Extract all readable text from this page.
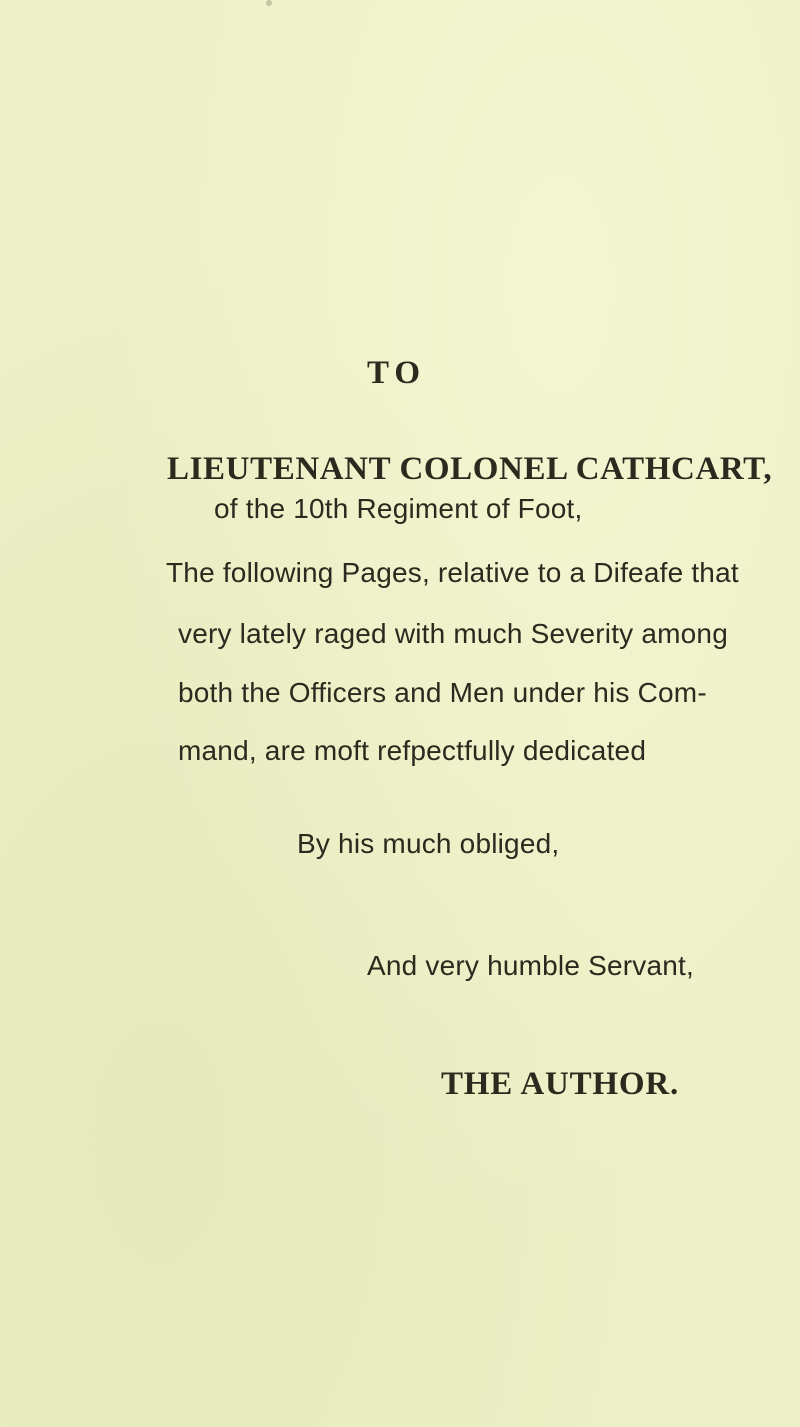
TO
LIEUTENANT COLONEL CATHCART,
of the 10th Regiment of Foot,
The following Pages, relative to a Difeafe that
very lately raged with much Severity among
both the Officers and Men under his Com-
mand, are moft refpectfully dedicated
By his much obliged,
And very humble Servant,
THE AUTHOR.
